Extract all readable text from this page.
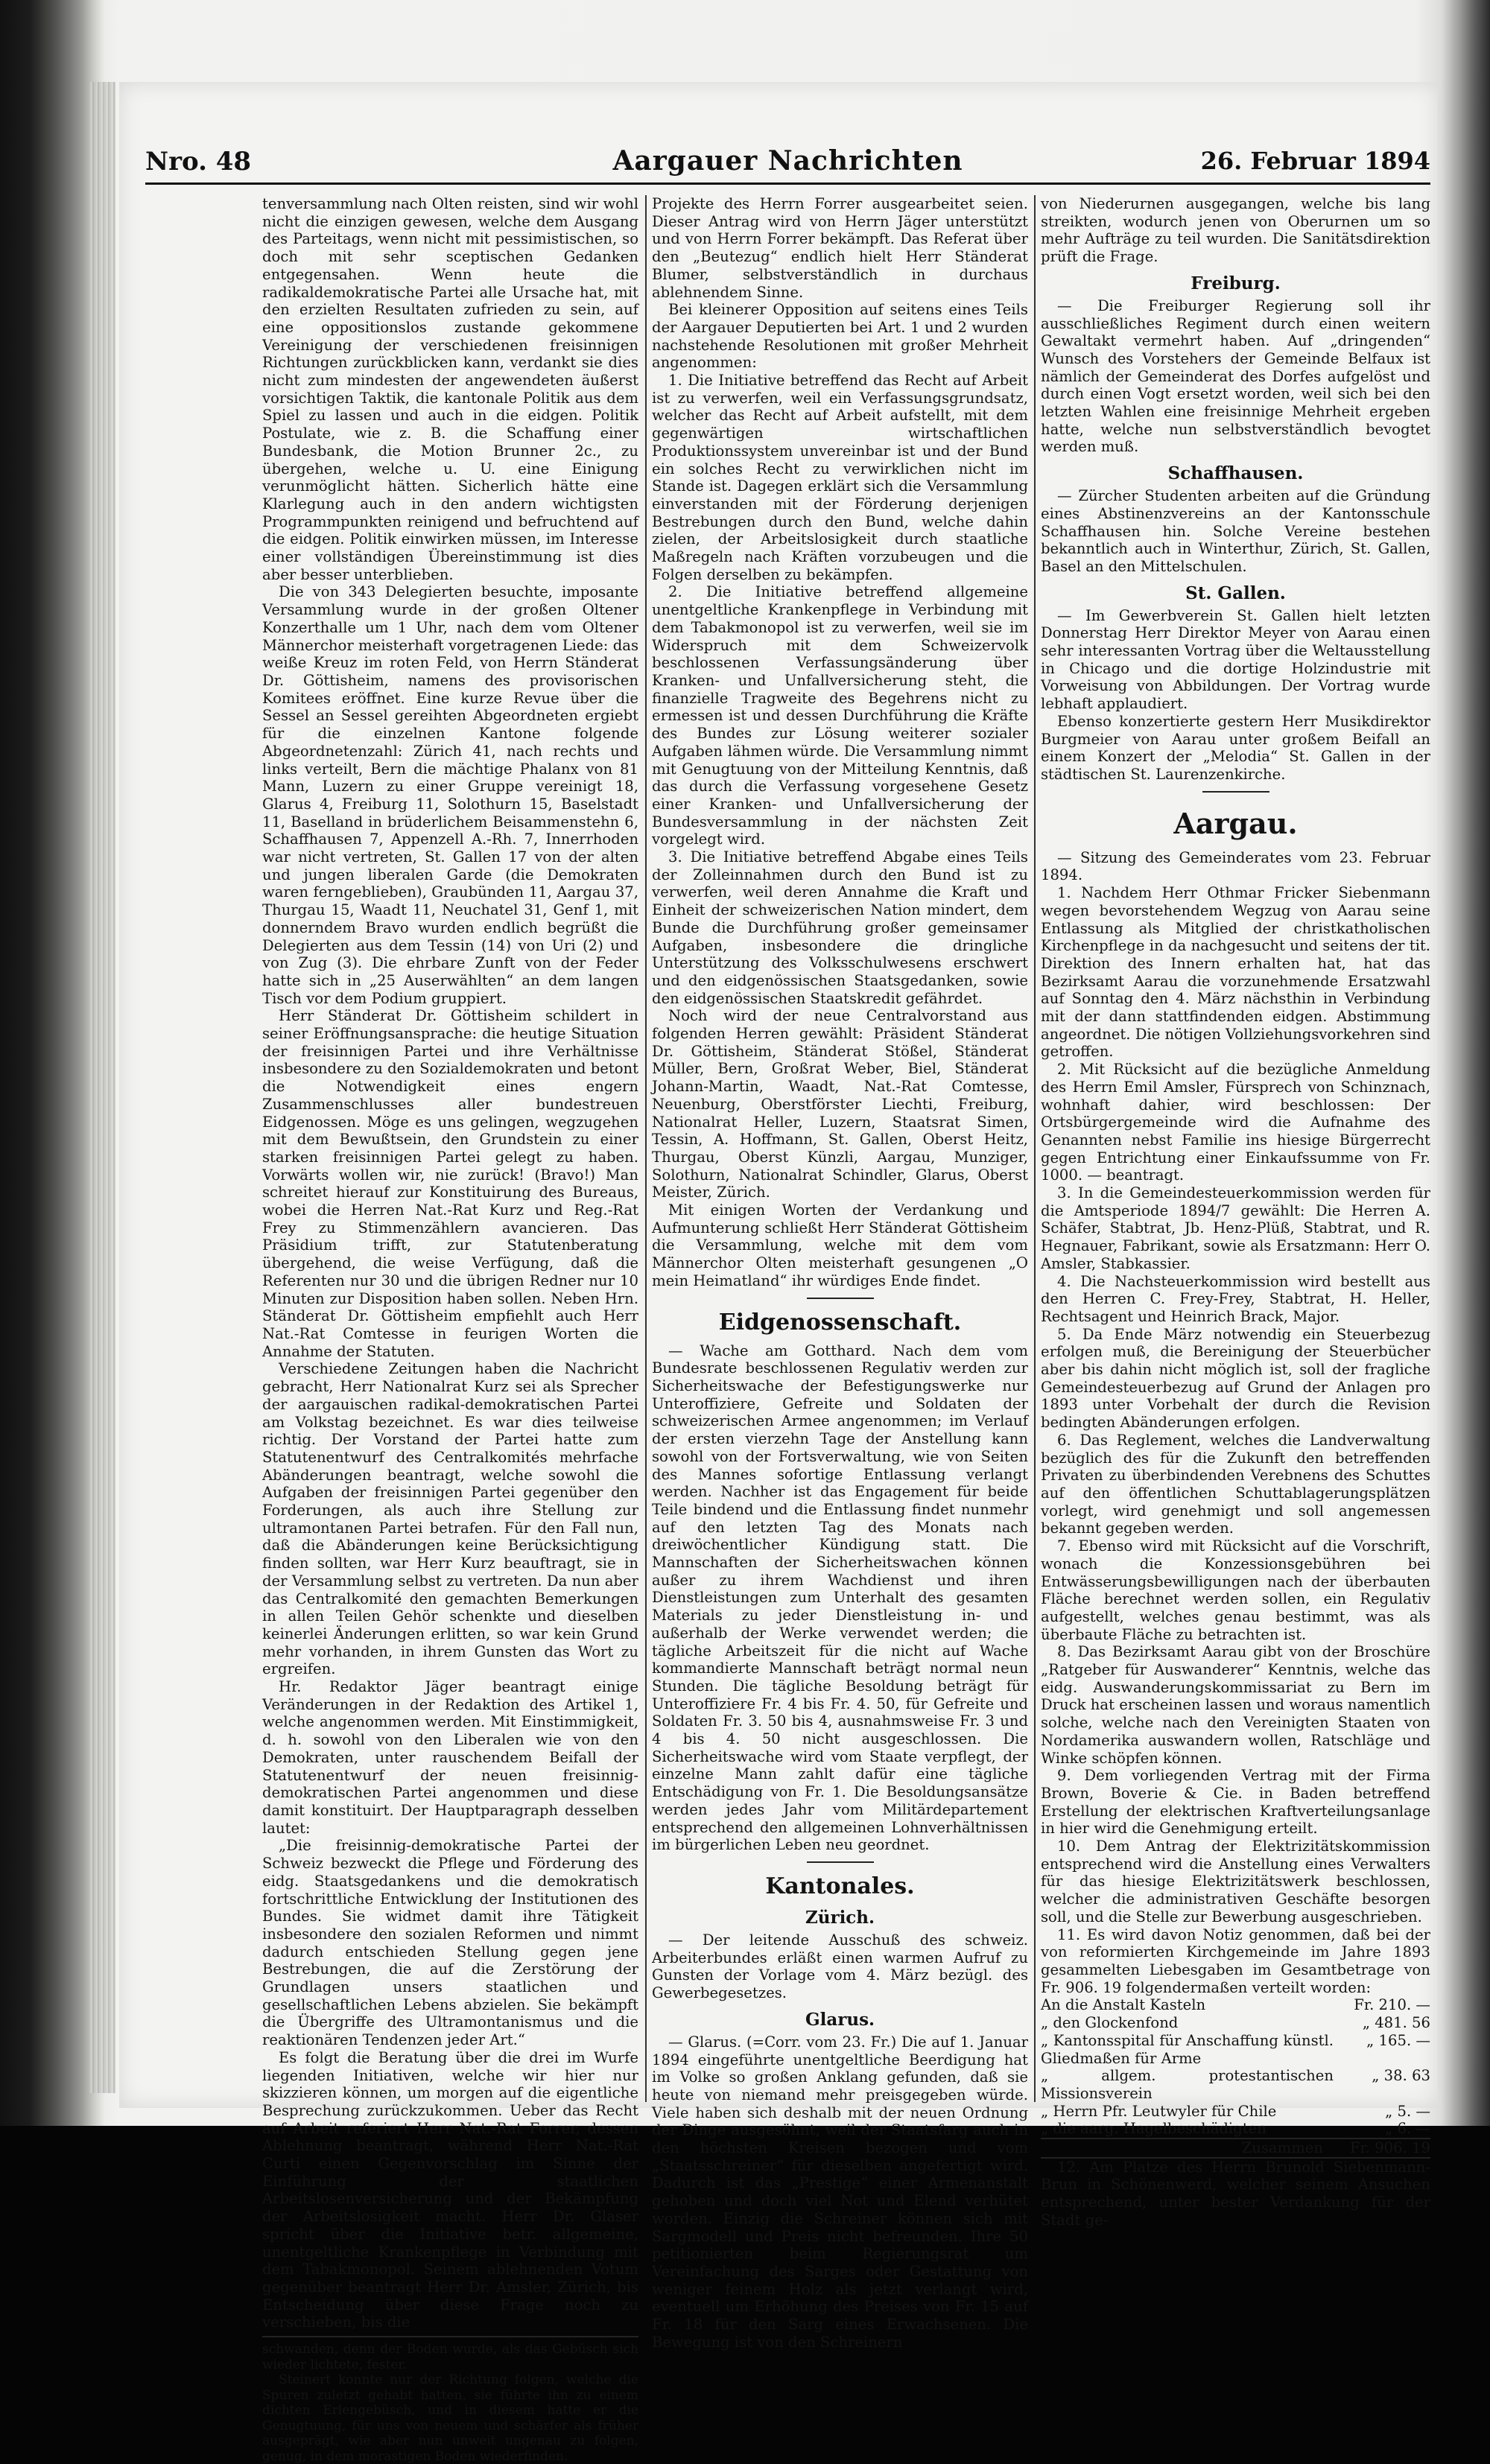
Nro. 48	Aargauer Nachrichten	26. Februar 1894

tenversammlung nach Olten reisten, sind wir wohl nicht die einzigen gewesen, welche dem Ausgang des Parteitags, wenn nicht mit pessimistischen, so doch mit sehr sceptischen Gedanken entgegensahen. Wenn heute die radikaldemokratische Partei alle Ursache hat, mit den erzielten Resultaten zufrieden zu sein, auf eine oppositionslos zustande gekommene Vereinigung der verschiedenen freisinnigen Richtungen zurückblicken kann, verdankt sie dies nicht zum mindesten der angewendeten äußerst vorsichtigen Taktik, die kantonale Politik aus dem Spiel zu lassen und auch in die eidgen. Politik Postulate, wie z. B. die Schaffung einer Bundesbank, die Motion Brunner 2c., zu übergehen, welche u. U. eine Einigung verunmöglicht hätten. Sicherlich hätte eine Klarlegung auch in den andern wichtigsten Programmpunkten reinigend und befruchtend auf die eidgen. Politik einwirken müssen, im Interesse einer vollständigen Übereinstimmung ist dies aber besser unterblieben.

Die von 343 Delegierten besuchte, imposante Versammlung wurde in der großen Oltener Konzerthalle um 1 Uhr, nach dem vom Oltener Männerchor meisterhaft vorgetragenen Liede: das weiße Kreuz im roten Feld, von Herrn Ständerat Dr. Göttisheim, namens des provisorischen Komitees eröffnet. Eine kurze Revue über die Sessel an Sessel gereihten Abgeordneten ergiebt für die einzelnen Kantone folgende Abgeordnetenzahl: Zürich 41, nach rechts und links verteilt, Bern die mächtige Phalanx von 81 Mann, Luzern zu einer Gruppe vereinigt 18, Glarus 4, Freiburg 11, Solothurn 15, Baselstadt 11, Baselland in brüderlichem Beisammenstehn 6, Schaffhausen 7, Appenzell A.-Rh. 7, Innerrhoden war nicht vertreten, St. Gallen 17 von der alten und jungen liberalen Garde (die Demokraten waren ferngeblieben), Graubünden 11, Aargau 37, Thurgau 15, Waadt 11, Neuchatel 31, Genf 1, mit donnerndem Bravo wurden endlich begrüßt die Delegierten aus dem Tessin (14) von Uri (2) und von Zug (3). Die ehrbare Zunft von der Feder hatte sich in „25 Auserwählten“ an dem langen Tisch vor dem Podium gruppiert.

Herr Ständerat Dr. Göttisheim schildert in seiner Eröffnungsansprache: die heutige Situation der freisinnigen Partei und ihre Verhältnisse insbesondere zu den Sozialdemokraten und betont die Notwendigkeit eines engern Zusammenschlusses aller bundestreuen Eidgenossen. Möge es uns gelingen, wegzugehen mit dem Bewußtsein, den Grundstein zu einer starken freisinnigen Partei gelegt zu haben. Vorwärts wollen wir, nie zurück! (Bravo!) Man schreitet hierauf zur Konstituirung des Bureaus, wobei die Herren Nat.-Rat Kurz und Reg.-Rat Frey zu Stimmenzählern avancieren. Das Präsidium trifft, zur Statutenberatung übergehend, die weise Verfügung, daß die Referenten nur 30 und die übrigen Redner nur 10 Minuten zur Disposition haben sollen. Neben Hrn. Ständerat Dr. Göttisheim empfiehlt auch Herr Nat.-Rat Comtesse in feurigen Worten die Annahme der Statuten.

Verschiedene Zeitungen haben die Nachricht gebracht, Herr Nationalrat Kurz sei als Sprecher der aargauischen radikal-demokratischen Partei am Volkstag bezeichnet. Es war dies teilweise richtig. Der Vorstand der Partei hatte zum Statutenentwurf des Centralkomités mehrfache Abänderungen beantragt, welche sowohl die Aufgaben der freisinnigen Partei gegenüber den Forderungen, als auch ihre Stellung zur ultramontanen Partei betrafen. Für den Fall nun, daß die Abänderungen keine Berücksichtigung finden sollten, war Herr Kurz beauftragt, sie in der Versammlung selbst zu vertreten. Da nun aber das Centralkomité den gemachten Bemerkungen in allen Teilen Gehör schenkte und dieselben keinerlei Änderungen erlitten, so war kein Grund mehr vorhanden, in ihrem Gunsten das Wort zu ergreifen.

Hr. Redaktor Jäger beantragt einige Veränderungen in der Redaktion des Artikel 1, welche angenommen werden. Mit Einstimmigkeit, d. h. sowohl von den Liberalen wie von den Demokraten, unter rauschendem Beifall der Statutenentwurf der neuen freisinnig-demokratischen Partei angenommen und diese damit konstituirt. Der Hauptparagraph desselben lautet:

„Die freisinnig-demokratische Partei der Schweiz bezweckt die Pflege und Förderung des eidg. Staatsgedankens und die demokratisch fortschrittliche Entwicklung der Institutionen des Bundes. Sie widmet damit ihre Tätigkeit insbesondere den sozialen Reformen und nimmt dadurch entschieden Stellung gegen jene Bestrebungen, die auf die Zerstörung der Grundlagen unsers staatlichen und gesellschaftlichen Lebens abzielen. Sie bekämpft die Übergriffe des Ultramontanismus und die reaktionären Tendenzen jeder Art.“

Es folgt die Beratung über die drei im Wurfe liegenden Initiativen, welche wir hier nur skizzieren können, um morgen auf die eigentliche Besprechung zurückzukommen. Ueber das Recht auf Arbeit referiert Herr Nat.-Rat Forrer, dessen Ablehnung beantragt, während Herr Nat.-Rat Curti einen Gegenvorschlag im Sinne der Einführung der staatlichen Arbeitslosenversicherung und der Bekämpfung der Arbeitslosigkeit macht. Herr Dr. Glaser spricht über die Initiative betr. allgemeine, unentgeltliche Krankenpflege in Verbindung mit dem Tabakmonopol. Seinem ablehnenden Votum gegenüber beantragt Herr Dr. Amsler, Zürich, bis Entscheidung über diese Frage noch zu verschieben, bis die

schwanden, denn der Boden wurde, als das Gebüsch sich wieder lichtete, fester.

Steinert konnte nur der Richtung folgen, welche die Spuren zuletzt gehabt hatten, sie führte ihn zu einem dichten Erlengebüsch, und in diesem hatte er die Genugtuung, für uns von neuem und schärfer als früher ausgeprägt, wie aber nun unweit ungenau zu folgen, genug, in dem morastigen Boden wiederfinden.

Projekte des Herrn Forrer ausgearbeitet seien. Dieser Antrag wird von Herrn Jäger unterstützt und von Herrn Forrer bekämpft. Das Referat über den „Beutezug“ endlich hielt Herr Ständerat Blumer, selbstverständlich in durchaus ablehnendem Sinne.

Bei kleinerer Opposition auf seitens eines Teils der Aargauer Deputierten bei Art. 1 und 2 wurden nachstehende Resolutionen mit großer Mehrheit angenommen:

1. Die Initiative betreffend das Recht auf Arbeit ist zu verwerfen, weil ein Verfassungsgrundsatz, welcher das Recht auf Arbeit aufstellt, mit dem gegenwärtigen wirtschaftlichen Produktionssystem unvereinbar ist und der Bund ein solches Recht zu verwirklichen nicht im Stande ist. Dagegen erklärt sich die Versammlung einverstanden mit der Förderung derjenigen Bestrebungen durch den Bund, welche dahin zielen, der Arbeitslosigkeit durch staatliche Maßregeln nach Kräften vorzubeugen und die Folgen derselben zu bekämpfen.

2. Die Initiative betreffend allgemeine unentgeltliche Krankenpflege in Verbindung mit dem Tabakmonopol ist zu verwerfen, weil sie im Widerspruch mit dem Schweizervolk beschlossenen Verfassungsänderung über Kranken- und Unfallversicherung steht, die finanzielle Tragweite des Begehrens nicht zu ermessen ist und dessen Durchführung die Kräfte des Bundes zur Lösung weiterer sozialer Aufgaben lähmen würde. Die Versammlung nimmt mit Genugtuung von der Mitteilung Kenntnis, daß das durch die Verfassung vorgesehene Gesetz einer Kranken- und Unfallversicherung der Bundesversammlung in der nächsten Zeit vorgelegt wird.

3. Die Initiative betreffend Abgabe eines Teils der Zolleinnahmen durch den Bund ist zu verwerfen, weil deren Annahme die Kraft und Einheit der schweizerischen Nation mindert, dem Bunde die Durchführung großer gemeinsamer Aufgaben, insbesondere die dringliche Unterstützung des Volksschulwesens erschwert und den eidgenössischen Staatsgedanken, sowie den eidgenössischen Staatskredit gefährdet.

Noch wird der neue Centralvorstand aus folgenden Herren gewählt: Präsident Ständerat Dr. Göttisheim, Ständerat Stößel, Ständerat Müller, Bern, Großrat Weber, Biel, Ständerat Johann-Martin, Waadt, Nat.-Rat Comtesse, Neuenburg, Oberstförster Liechti, Freiburg, Nationalrat Heller, Luzern, Staatsrat Simen, Tessin, A. Hoffmann, St. Gallen, Oberst Heitz, Thurgau, Oberst Künzli, Aargau, Munziger, Solothurn, Nationalrat Schindler, Glarus, Oberst Meister, Zürich.

Mit einigen Worten der Verdankung und Aufmunterung schließt Herr Ständerat Göttisheim die Versammlung, welche mit dem vom Männerchor Olten meisterhaft gesungenen „O mein Heimatland“ ihr würdiges Ende findet.

Eidgenossenschaft.

— Wache am Gotthard. Nach dem vom Bundesrate beschlossenen Regulativ werden zur Sicherheitswache der Befestigungswerke nur Unteroffiziere, Gefreite und Soldaten der schweizerischen Armee angenommen; im Verlauf der ersten vierzehn Tage der Anstellung kann sowohl von der Fortsverwaltung, wie von Seiten des Mannes sofortige Entlassung verlangt werden. Nachher ist das Engagement für beide Teile bindend und die Entlassung findet nunmehr auf den letzten Tag des Monats nach dreiwöchentlicher Kündigung statt. Die Mannschaften der Sicherheitswachen können außer zu ihrem Wachdienst und ihren Dienstleistungen zum Unterhalt des gesamten Materials zu jeder Dienstleistung in- und außerhalb der Werke verwendet werden; die tägliche Arbeitszeit für die nicht auf Wache kommandierte Mannschaft beträgt normal neun Stunden. Die tägliche Besoldung beträgt für Unteroffiziere Fr. 4 bis Fr. 4. 50, für Gefreite und Soldaten Fr. 3. 50 bis 4, ausnahmsweise Fr. 3 und 4 bis 4. 50 nicht ausgeschlossen. Die Sicherheitswache wird vom Staate verpflegt, der einzelne Mann zahlt dafür eine tägliche Entschädigung von Fr. 1. Die Besoldungsansätze werden jedes Jahr vom Militärdepartement entsprechend den allgemeinen Lohnverhältnissen im bürgerlichen Leben neu geordnet.

Kantonales.
Zürich.

— Der leitende Ausschuß des schweiz. Arbeiterbundes erläßt einen warmen Aufruf zu Gunsten der Vorlage vom 4. März bezügl. des Gewerbegesetzes.

Glarus.

— Glarus. (=Corr. vom 23. Fr.) Die auf 1. Januar 1894 eingeführte unentgeltliche Beerdigung hat im Volke so großen Anklang gefunden, daß sie heute von niemand mehr preisgegeben würde. Viele haben sich deshalb mit der neuen Ordnung der Dinge ausgesöhnt, weil der Staatsfarg auch in den höchsten Kreisen bezogen und vom „Staatsschreiner“ für dieselben angefertigt wird. Dadurch ist das „Prestige“ einer Armenanstalt gehoben und doch viel Not und Elend verhütet worden. Einzig die Schreiner können sich mit Sargmodell und Preis nicht befreunden. Ihre 50 petitionierten beim Regierungsrat um Vereinfachung des Sarges oder Gestattung von weniger feinem Holz als jetzt verlangt wird, eventuell um Erhöhung des Preises von Fr. 15 auf Fr. 18 für den Sarg eines Erwachsenen. Die Bewegung ist von den Schreinern

von Niederurnen ausgegangen, welche bis lang streikten, wodurch jenen von Oberurnen um so mehr Aufträge zu teil wurden. Die Sanitätsdirektion prüft die Frage.

Freiburg.

— Die Freiburger Regierung soll ihr ausschließliches Regiment durch einen weitern Gewaltakt vermehrt haben. Auf „dringenden“ Wunsch des Vorstehers der Gemeinde Belfaux ist nämlich der Gemeinderat des Dorfes aufgelöst und durch einen Vogt ersetzt worden, weil sich bei den letzten Wahlen eine freisinnige Mehrheit ergeben hatte, welche nun selbstverständlich bevogtet werden muß.

Schaffhausen.

— Zürcher Studenten arbeiten auf die Gründung eines Abstinenzvereins an der Kantonsschule Schaffhausen hin. Solche Vereine bestehen bekanntlich auch in Winterthur, Zürich, St. Gallen, Basel an den Mittelschulen.

St. Gallen.

— Im Gewerbverein St. Gallen hielt letzten Donnerstag Herr Direktor Meyer von Aarau einen sehr interessanten Vortrag über die Weltausstellung in Chicago und die dortige Holzindustrie mit Vorweisung von Abbildungen. Der Vortrag wurde lebhaft applaudiert.

Ebenso konzertierte gestern Herr Musikdirektor Burgmeier von Aarau unter großem Beifall an einem Konzert der „Melodia“ St. Gallen in der städtischen St. Laurenzenkirche.

Aargau.

— Sitzung des Gemeinderates vom 23. Februar 1894.

1. Nachdem Herr Othmar Fricker Siebenmann wegen bevorstehendem Wegzug von Aarau seine Entlassung als Mitglied der christkatholischen Kirchenpflege in da nachgesucht und seitens der tit. Direktion des Innern erhalten hat, hat das Bezirksamt Aarau die vorzunehmende Ersatzwahl auf Sonntag den 4. März nächsthin in Verbindung mit der dann stattfindenden eidgen. Abstimmung angeordnet. Die nötigen Vollziehungsvorkehren sind getroffen.

2. Mit Rücksicht auf die bezügliche Anmeldung des Herrn Emil Amsler, Fürsprech von Schinznach, wohnhaft dahier, wird beschlossen: Der Ortsbürgergemeinde wird die Aufnahme des Genannten nebst Familie ins hiesige Bürgerrecht gegen Entrichtung einer Einkaufssumme von Fr. 1000. — beantragt.

3. In die Gemeindesteuerkommission werden für die Amtsperiode 1894/7 gewählt: Die Herren A. Schäfer, Stabtrat, Jb. Henz-Plüß, Stabtrat, und R. Hegnauer, Fabrikant, sowie als Ersatzmann: Herr O. Amsler, Stabkassier.

4. Die Nachsteuerkommission wird bestellt aus den Herren C. Frey-Frey, Stabtrat, H. Heller, Rechtsagent und Heinrich Brack, Major.

5. Da Ende März notwendig ein Steuerbezug erfolgen muß, die Bereinigung der Steuerbücher aber bis dahin nicht möglich ist, soll der fragliche Gemeindesteuerbezug auf Grund der Anlagen pro 1893 unter Vorbehalt der durch die Revision bedingten Abänderungen erfolgen.

6. Das Reglement, welches die Landverwaltung bezüglich des für die Zukunft den betreffenden Privaten zu überbindenden Verebnens des Schuttes auf den öffentlichen Schuttablagerungsplätzen vorlegt, wird genehmigt und soll angemessen bekannt gegeben werden.

7. Ebenso wird mit Rücksicht auf die Vorschrift, wonach die Konzessionsgebühren bei Entwässerungsbewilligungen nach der überbauten Fläche berechnet werden sollen, ein Regulativ aufgestellt, welches genau bestimmt, was als überbaute Fläche zu betrachten ist.

8. Das Bezirksamt Aarau gibt von der Broschüre „Ratgeber für Auswanderer“ Kenntnis, welche das eidg. Auswanderungskommissariat zu Bern im Druck hat erscheinen lassen und woraus namentlich solche, welche nach den Vereinigten Staaten von Nordamerika auswandern wollen, Ratschläge und Winke schöpfen können.

9. Dem vorliegenden Vertrag mit der Firma Brown, Boverie & Cie. in Baden betreffend Erstellung der elektrischen Kraftverteilungsanlage in hier wird die Genehmigung erteilt.

10. Dem Antrag der Elektrizitätskommission entsprechend wird die Anstellung eines Verwalters für das hiesige Elektrizitätswerk beschlossen, welcher die administrativen Geschäfte besorgen soll, und die Stelle zur Bewerbung ausgeschrieben.

11. Es wird davon Notiz genommen, daß bei der von reformierten Kirchgemeinde im Jahre 1893 gesammelten Liebesgaben im Gesamtbetrage von Fr. 906. 19 folgendermaßen verteilt worden:

An die Anstalt Kasteln	Fr. 210. —
„ den Glockenfond	„ 481. 56
„ Kantonsspital für Anschaffung künstl. Gliedmaßen für Arme	„ 165. —
„ allgem. protestantischen Missionsverein	„ 38. 63
„ Herrn Pfr. Leutwyler für Chile	„ 5. —
„ die aarg. Hagelbeschädigten	„ 6. —
Zusammen	Fr. 906. 19

12. Am Platze des Herrn Brunold Siebenmann-Brun in Schönenwerd, welcher seinem Ansuchen entsprechend, unter bester Verdankung für der Stadt ge-
